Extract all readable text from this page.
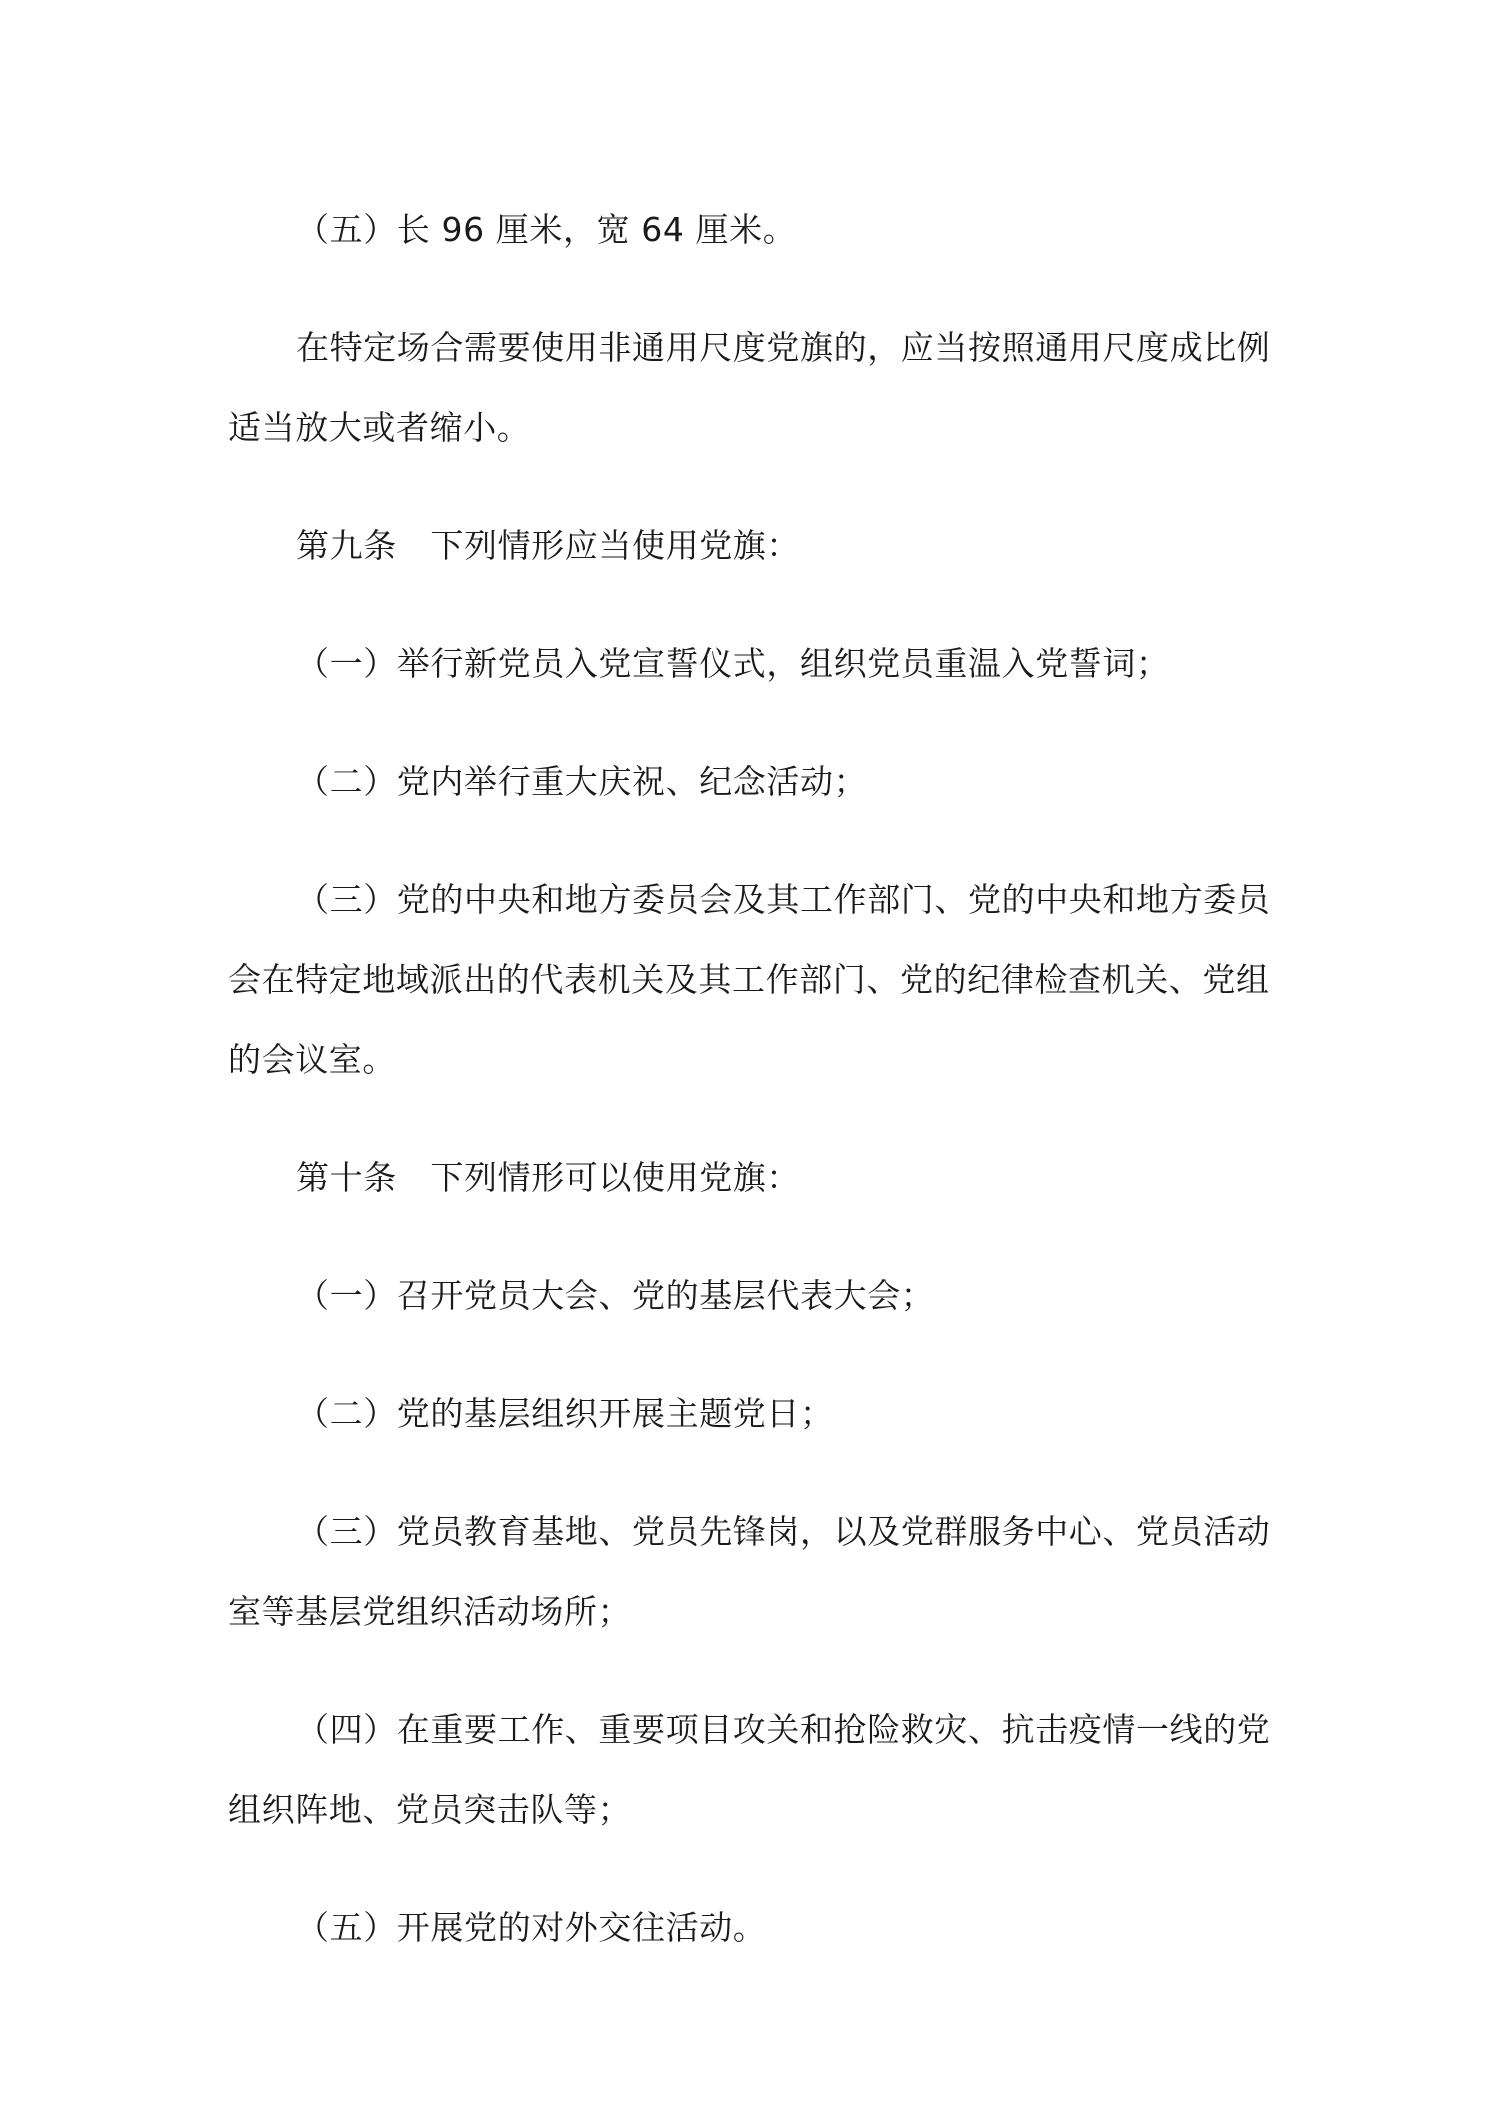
（五）长 96 厘米，宽 64 厘米。

在特定场合需要使用非通用尺度党旗的，应当按照通用尺度成比例适当放大或者缩小。

第九条　下列情形应当使用党旗：

（一）举行新党员入党宣誓仪式，组织党员重温入党誓词；

（二）党内举行重大庆祝、纪念活动；

（三）党的中央和地方委员会及其工作部门、党的中央和地方委员会在特定地域派出的代表机关及其工作部门、党的纪律检查机关、党组的会议室。

第十条　下列情形可以使用党旗：

（一）召开党员大会、党的基层代表大会；

（二）党的基层组织开展主题党日；

（三）党员教育基地、党员先锋岗，以及党群服务中心、党员活动室等基层党组织活动场所；

（四）在重要工作、重要项目攻关和抢险救灾、抗击疫情一线的党组织阵地、党员突击队等；

（五）开展党的对外交往活动。
